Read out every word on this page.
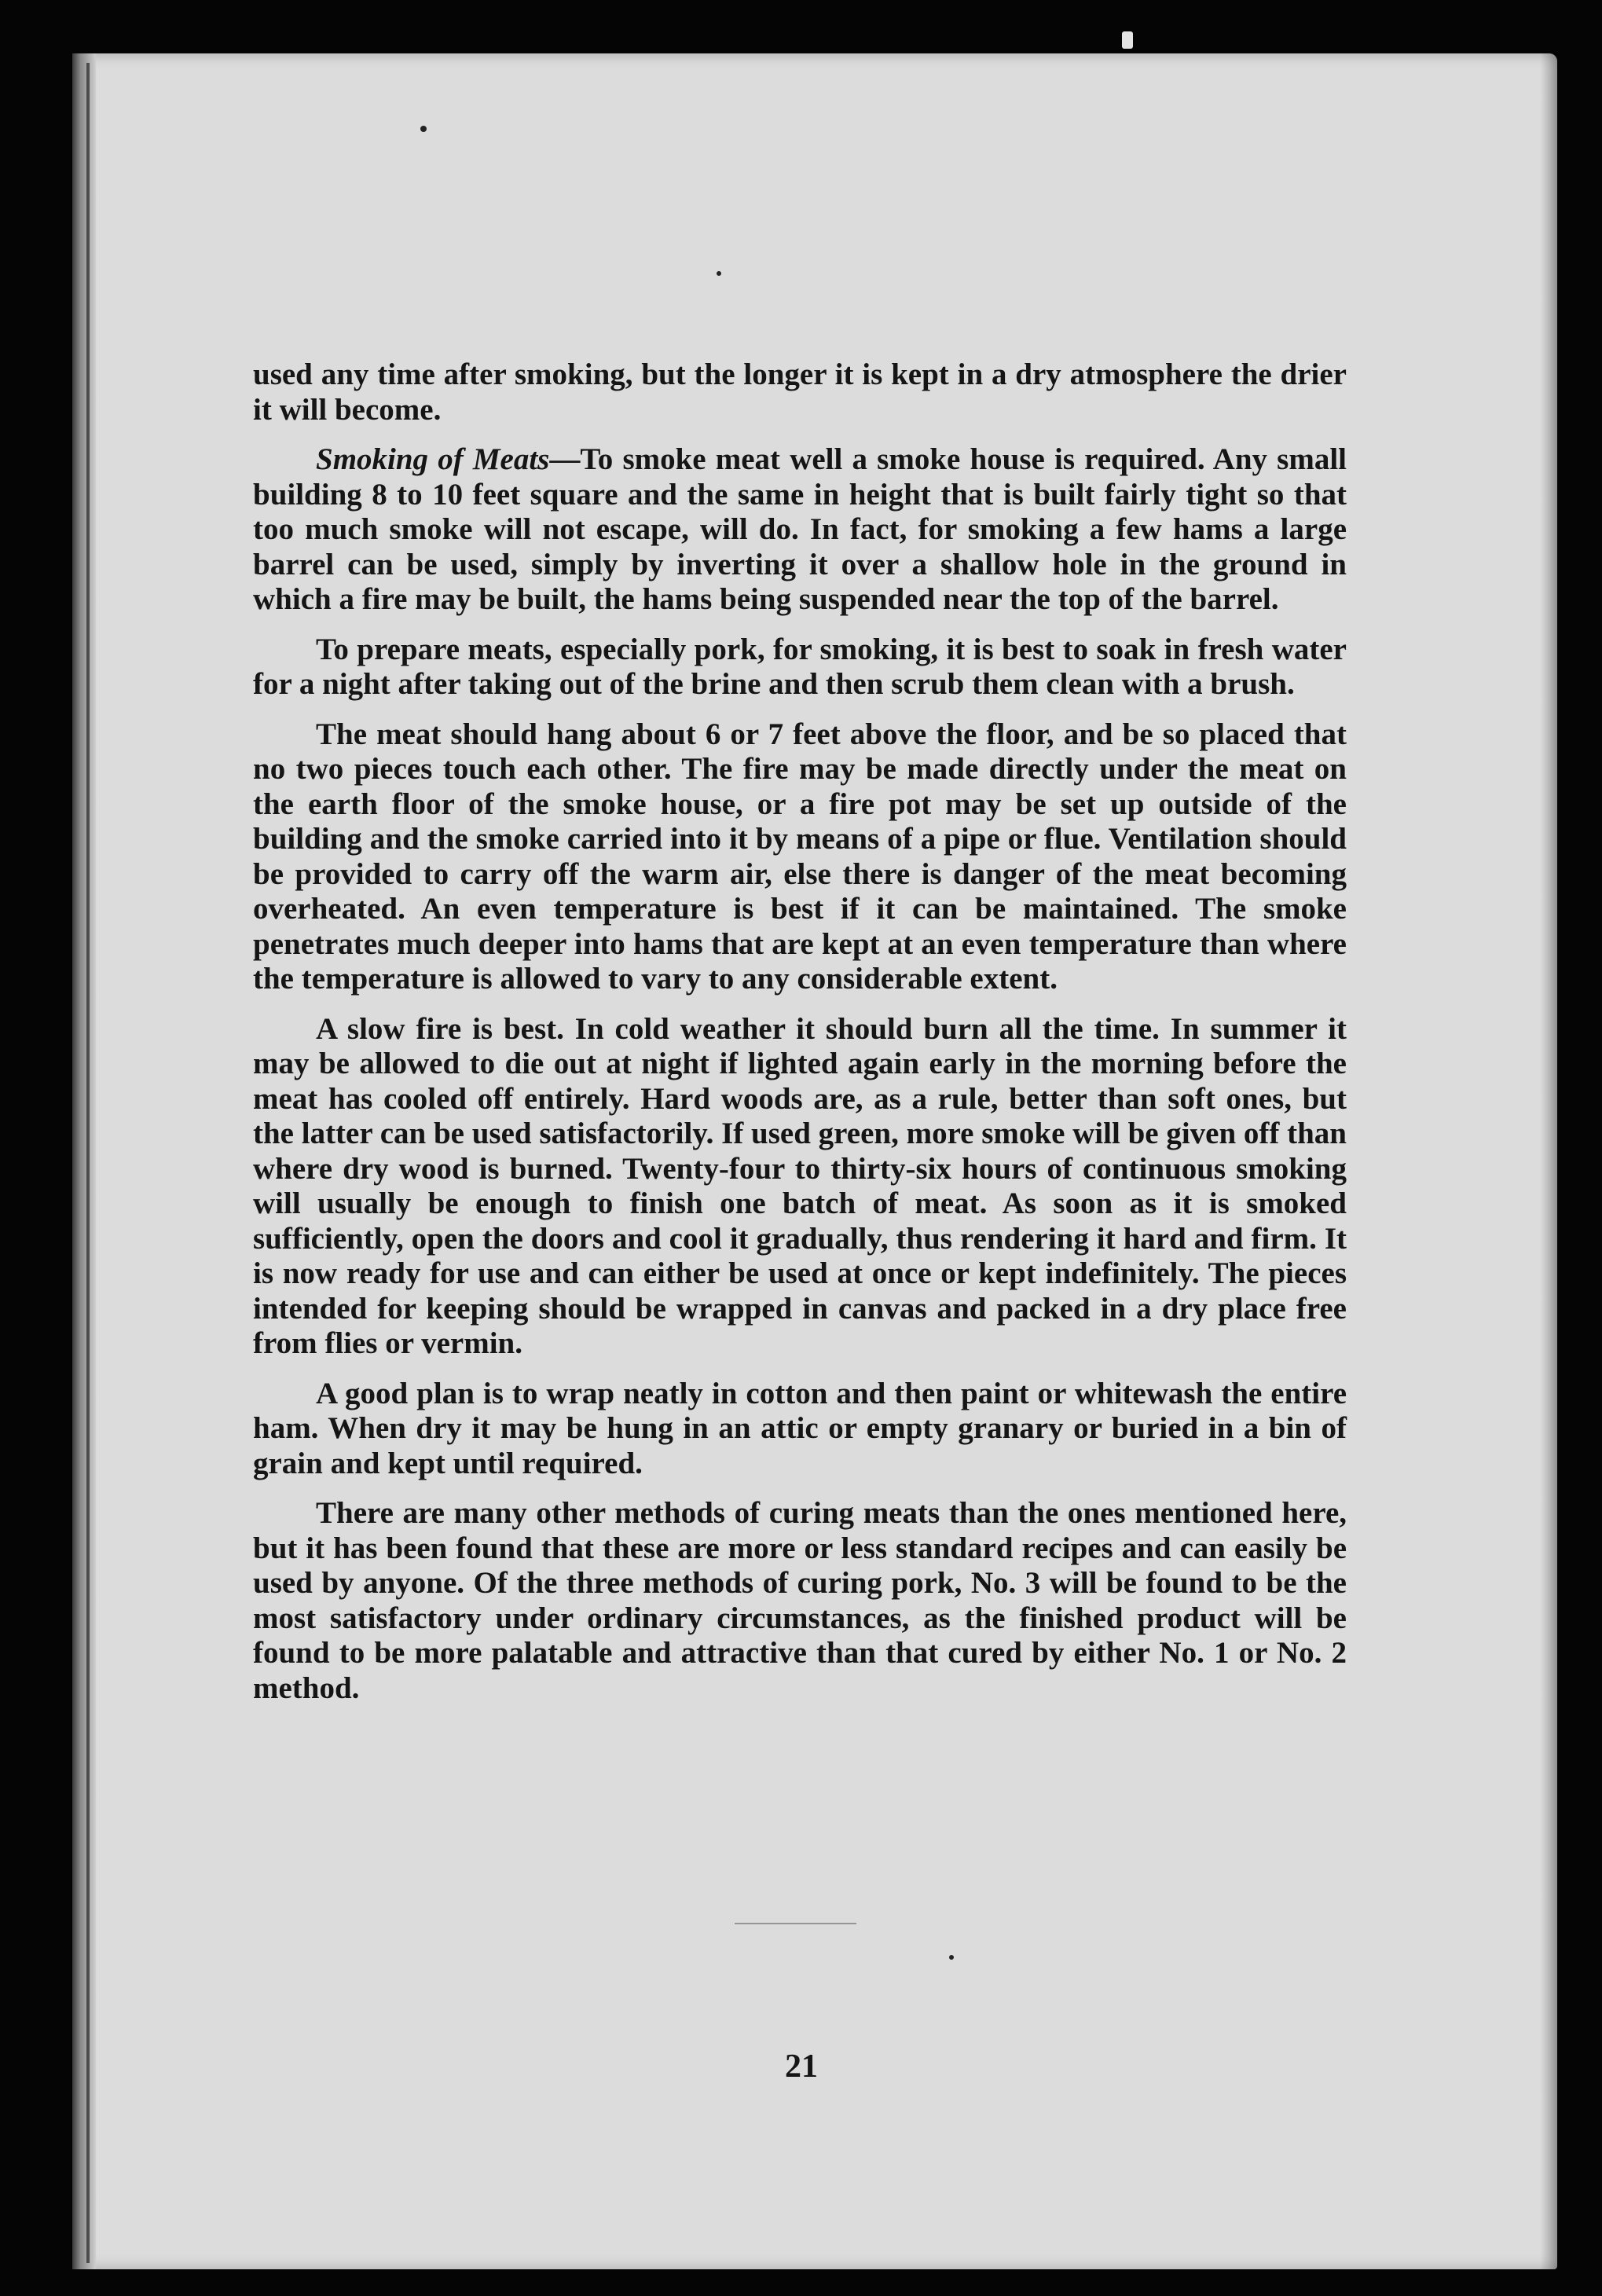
used any time after smoking, but the longer it is kept in a dry atmosphere the drier it will become.

Smoking of Meats—To smoke meat well a smoke house is required. Any small building 8 to 10 feet square and the same in height that is built fairly tight so that too much smoke will not escape, will do. In fact, for smoking a few hams a large barrel can be used, simply by inverting it over a shallow hole in the ground in which a fire may be built, the hams being suspended near the top of the barrel.

To prepare meats, especially pork, for smoking, it is best to soak in fresh water for a night after taking out of the brine and then scrub them clean with a brush.

The meat should hang about 6 or 7 feet above the floor, and be so placed that no two pieces touch each other. The fire may be made directly under the meat on the earth floor of the smoke house, or a fire pot may be set up outside of the building and the smoke carried into it by means of a pipe or flue. Ventilation should be provided to carry off the warm air, else there is danger of the meat becoming overheated. An even temperature is best if it can be maintained. The smoke penetrates much deeper into hams that are kept at an even temperature than where the temperature is allowed to vary to any considerable extent.

A slow fire is best. In cold weather it should burn all the time. In summer it may be allowed to die out at night if lighted again early in the morning before the meat has cooled off entirely. Hard woods are, as a rule, better than soft ones, but the latter can be used satisfactorily. If used green, more smoke will be given off than where dry wood is burned. Twenty-four to thirty-six hours of continuous smoking will usually be enough to finish one batch of meat. As soon as it is smoked sufficiently, open the doors and cool it gradually, thus rendering it hard and firm. It is now ready for use and can either be used at once or kept indefinitely. The pieces intended for keeping should be wrapped in canvas and packed in a dry place free from flies or vermin.

A good plan is to wrap neatly in cotton and then paint or whitewash the entire ham. When dry it may be hung in an attic or empty granary or buried in a bin of grain and kept until required.

There are many other methods of curing meats than the ones mentioned here, but it has been found that these are more or less standard recipes and can easily be used by anyone. Of the three methods of curing pork, No. 3 will be found to be the most satisfactory under ordinary circumstances, as the finished product will be found to be more palatable and attractive than that cured by either No. 1 or No. 2 method.

21
